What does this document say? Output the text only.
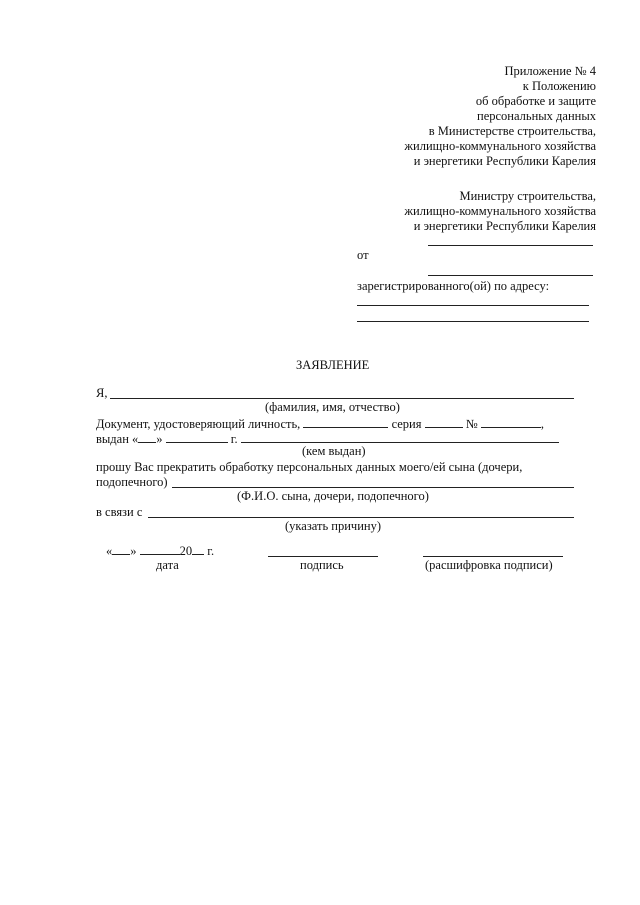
Приложение № 4
к Положению
об обработке и защите
персональных данных
в Министерстве строительства,
жилищно-коммунального хозяйства
и энергетики Республики Карелия
Министру строительства,
жилищно-коммунального хозяйства
и энергетики Республики Карелия
от
зарегистрированного(ой) по адресу:
ЗАЯВЛЕНИЕ
Я,
(фамилия, имя, отчество)
Документ, удостоверяющий личность,	серия	№	,
выдан « »	г.
(кем выдан)
прошу Вас прекратить обработку персональных данных моего/ей сына (дочери,
подопечного)
(Ф.И.О. сына, дочери, подопечного)
в связи с
(указать причину)
« »	20 г.
дата	подпись	(расшифровка подписи)
